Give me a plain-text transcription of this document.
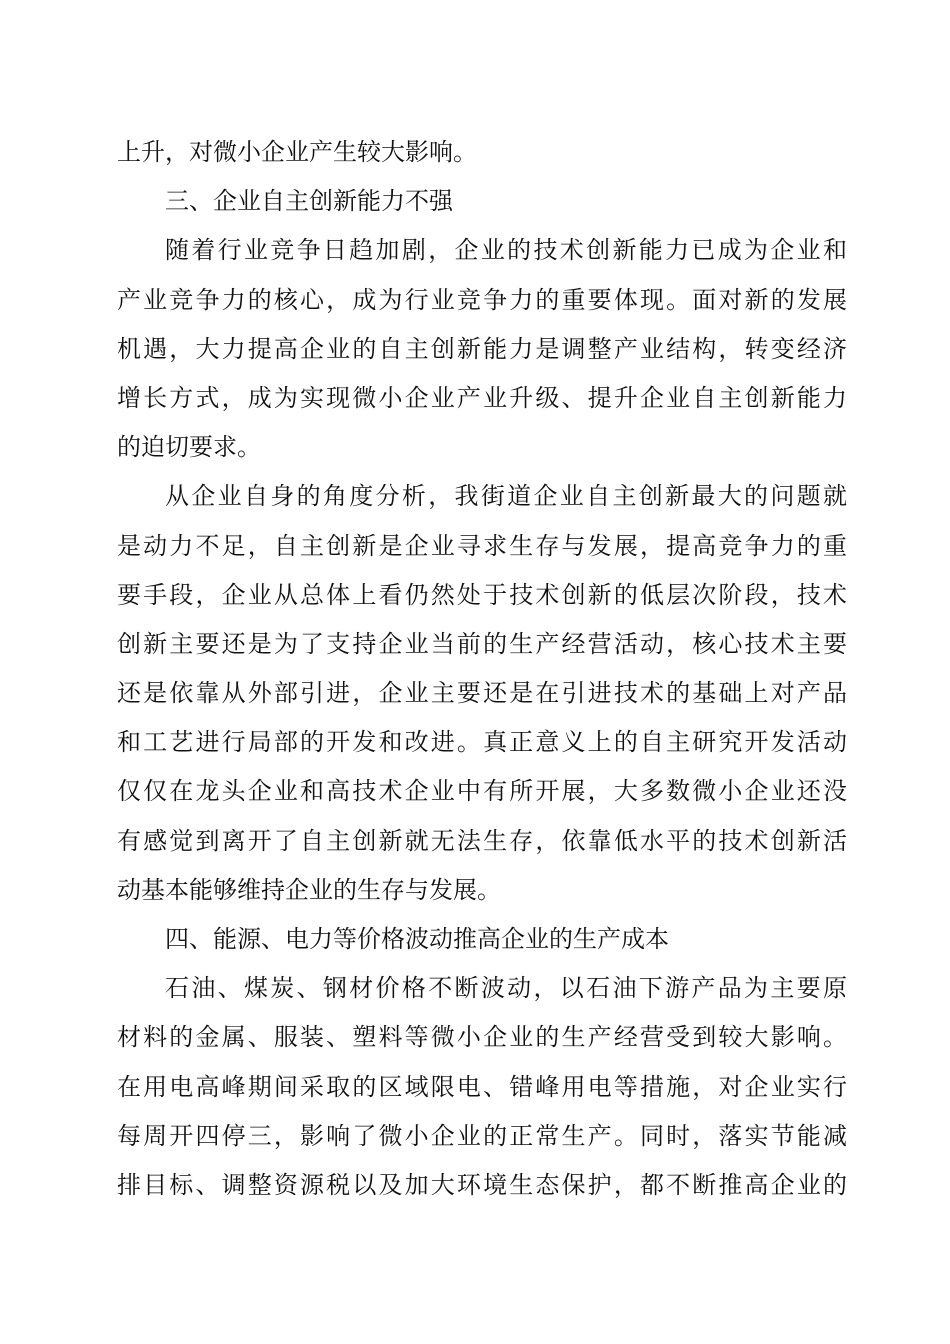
上升，对微小企业产生较大影响。
三、企业自主创新能力不强
随着行业竞争日趋加剧，企业的技术创新能力已成为企业和
产业竞争力的核心，成为行业竞争力的重要体现。面对新的发展
机遇，大力提高企业的自主创新能力是调整产业结构，转变经济
增长方式，成为实现微小企业产业升级、提升企业自主创新能力
的迫切要求。
从企业自身的角度分析，我街道企业自主创新最大的问题就
是动力不足，自主创新是企业寻求生存与发展，提高竞争力的重
要手段，企业从总体上看仍然处于技术创新的低层次阶段，技术
创新主要还是为了支持企业当前的生产经营活动，核心技术主要
还是依靠从外部引进，企业主要还是在引进技术的基础上对产品
和工艺进行局部的开发和改进。真正意义上的自主研究开发活动
仅仅在龙头企业和高技术企业中有所开展，大多数微小企业还没
有感觉到离开了自主创新就无法生存，依靠低水平的技术创新活
动基本能够维持企业的生存与发展。
四、能源、电力等价格波动推高企业的生产成本
石油、煤炭、钢材价格不断波动，以石油下游产品为主要原
材料的金属、服装、塑料等微小企业的生产经营受到较大影响。
在用电高峰期间采取的区域限电、错峰用电等措施，对企业实行
每周开四停三，影响了微小企业的正常生产。同时，落实节能减
排目标、调整资源税以及加大环境生态保护，都不断推高企业的
